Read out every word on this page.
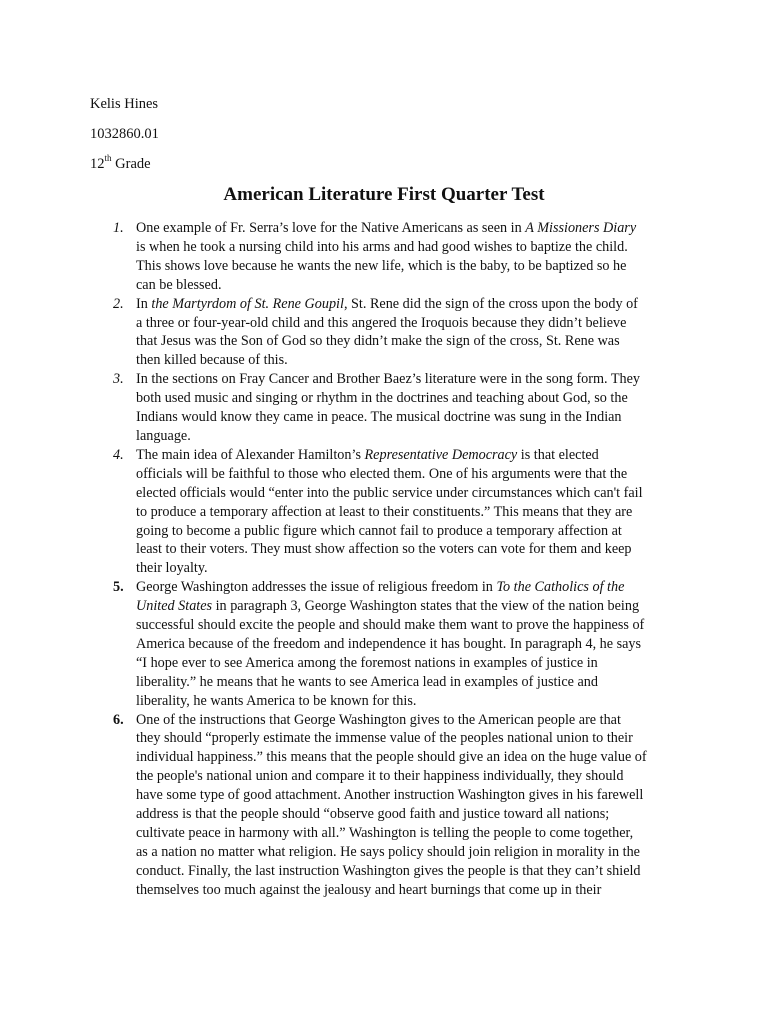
Kelis Hines
1032860.01
12th Grade
American Literature First Quarter Test
1. One example of Fr. Serra’s love for the Native Americans as seen in A Missioners Diary
is when he took a nursing child into his arms and had good wishes to baptize the child.
This shows love because he wants the new life, which is the baby, to be baptized so he
can be blessed.
2. In the Martyrdom of St. Rene Goupil, St. Rene did the sign of the cross upon the body of
a three or four-year-old child and this angered the Iroquois because they didn’t believe
that Jesus was the Son of God so they didn’t make the sign of the cross, St. Rene was
then killed because of this.
3. In the sections on Fray Cancer and Brother Baez’s literature were in the song form. They
both used music and singing or rhythm in the doctrines and teaching about God, so the
Indians would know they came in peace. The musical doctrine was sung in the Indian
language.
4. The main idea of Alexander Hamilton’s Representative Democracy is that elected
officials will be faithful to those who elected them. One of his arguments were that the
elected officials would “enter into the public service under circumstances which can't fail
to produce a temporary affection at least to their constituents.” This means that they are
going to become a public figure which cannot fail to produce a temporary affection at
least to their voters. They must show affection so the voters can vote for them and keep
their loyalty.
5. George Washington addresses the issue of religious freedom in To the Catholics of the
United States in paragraph 3, George Washington states that the view of the nation being
successful should excite the people and should make them want to prove the happiness of
America because of the freedom and independence it has bought. In paragraph 4, he says
“I hope ever to see America among the foremost nations in examples of justice in
liberality.” he means that he wants to see America lead in examples of justice and
liberality, he wants America to be known for this.
6. One of the instructions that George Washington gives to the American people are that
they should “properly estimate the immense value of the peoples national union to their
individual happiness.” this means that the people should give an idea on the huge value of
the people's national union and compare it to their happiness individually, they should
have some type of good attachment. Another instruction Washington gives in his farewell
address is that the people should “observe good faith and justice toward all nations;
cultivate peace in harmony with all.” Washington is telling the people to come together,
as a nation no matter what religion. He says policy should join religion in morality in the
conduct. Finally, the last instruction Washington gives the people is that they can’t shield
themselves too much against the jealousy and heart burnings that come up in their
